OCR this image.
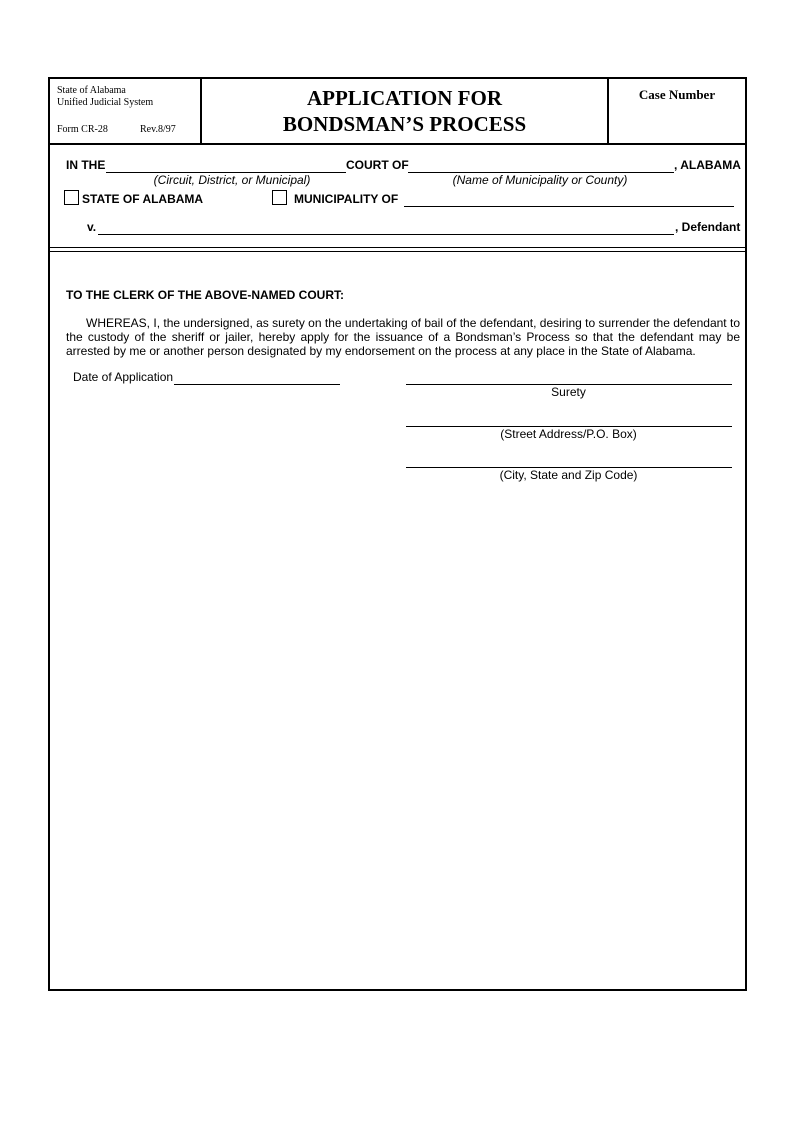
State of Alabama
Unified Judicial System
Form CR-28	Rev.8/97
APPLICATION FOR
BONDSMAN’S PROCESS
Case Number
IN THE	COURT OF	, ALABAMA
(Circuit, District, or Municipal)	(Name of Municipality or County)
STATE OF ALABAMA	MUNICIPALITY OF
v.	, Defendant
TO THE CLERK OF THE ABOVE-NAMED COURT:

WHEREAS, I, the undersigned, as surety on the undertaking of bail of the defendant, desiring to surrender the defendant to the custody of the sheriff or jailer, hereby apply for the issuance of a Bondsman’s Process so that the defendant may be arrested by me or another person designated by my endorsement on the process at any place in the State of Alabama.

Date of Application
Surety
(Street Address/P.O. Box)
(City, State and Zip Code)
